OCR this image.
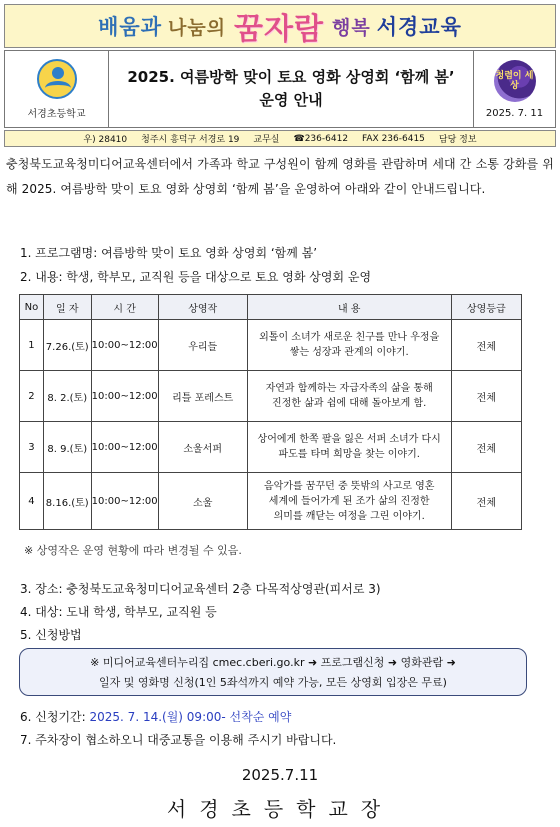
배움과 나눔의 꿈자람 행복 서경교육
서경초등학교
2025. 여름방학 맞이 토요 영화 상영회 ‘함께 봄’ 운영 안내
청렴이 세상
2025. 7. 11
우) 28410 청주시 흥덕구 서경로 19 교무실 ☎236-6412 FAX 236-6415 담당 정보
충청북도교육청미디어교육센터에서 가족과 학교 구성원이 함께 영화를 관람하며 세대 간 소통 강화를 위해 2025. 여름방학 맞이 토요 영화 상영회 ‘함께 봄’을 운영하여 아래와 같이 안내드립니다.
1. 프로그램명: 여름방학 맞이 토요 영화 상영회 ‘함께 봄’
2. 내용: 학생, 학부모, 교직원 등을 대상으로 토요 영화 상영회 운영
No	일 자	시 간	상영작	내 용	상영등급
1	7.26.(토)	10:00~12:00	우리들	외톨이 소녀가 새로운 친구를 만나 우정을
쌓는 성장과 관계의 이야기.	전체
2	8. 2.(토)	10:00~12:00	리틀 포레스트	자연과 함께하는 자급자족의 삶을 통해
진정한 삶과 쉼에 대해 돌아보게 함.	전체
3	8. 9.(토)	10:00~12:00	소울서퍼	상어에게 한쪽 팔을 잃은 서퍼 소녀가 다시
파도를 타며 희망을 찾는 이야기.	전체
4	8.16.(토)	10:00~12:00	소울	음악가를 꿈꾸던 중 뜻밖의 사고로 영혼
세계에 들어가게 된 조가 삶의 진정한
의미를 깨닫는 여정을 그린 이야기.	전체
※ 상영작은 운영 현황에 따라 변경될 수 있음.
3. 장소: 충청북도교육청미디어교육센터 2층 다목적상영관(피서로 3)
4. 대상: 도내 학생, 학부모, 교직원 등
5. 신청방법
※ 미디어교육센터누리집 cmec.cberi.go.kr ➜ 프로그램신청 ➜ 영화관람 ➜
일자 및 영화명 신청(1인 5좌석까지 예약 가능, 모든 상영회 입장은 무료)
6. 신청기간: 2025. 7. 14.(월) 09:00- 선착순 예약
7. 주차장이 협소하오니 대중교통을 이용해 주시기 바랍니다.
2025.7.11
서경초등학교장
